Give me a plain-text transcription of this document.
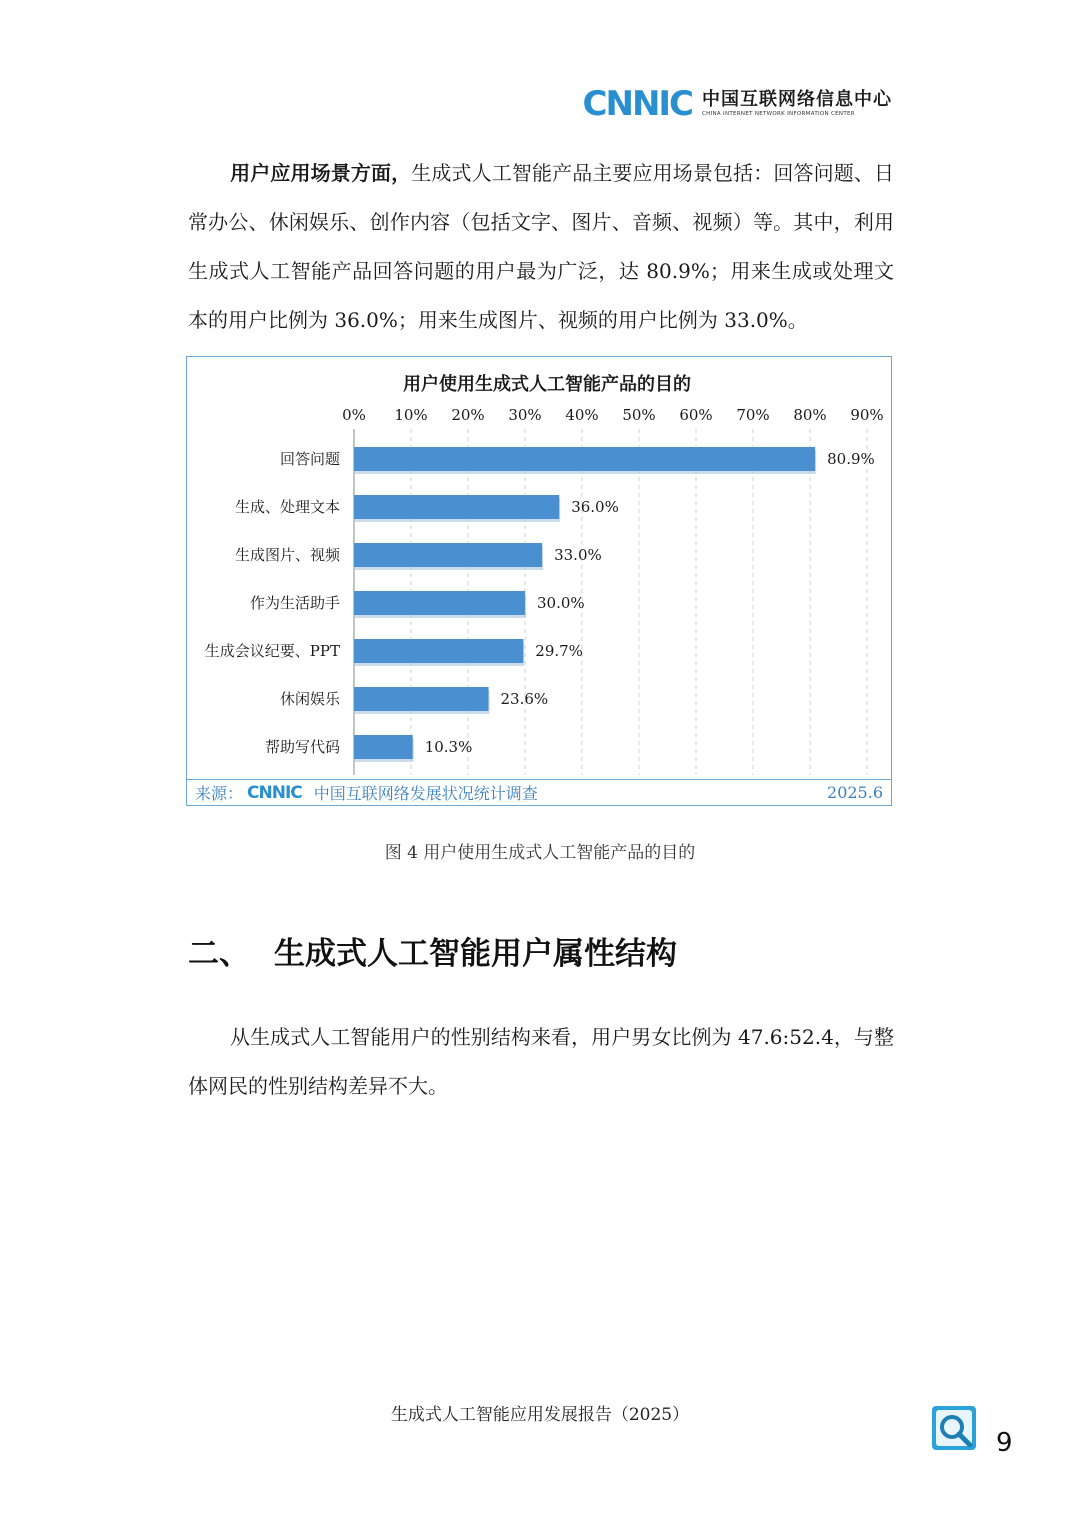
CNNIC 中国互联网络信息中心
CHINA INTERNET NETWORK INFORMATION CENTER
用户应用场景方面，生成式人工智能产品主要应用场景包括：回答问题、日常办公、休闲娱乐、创作内容（包括文字、图片、音频、视频）等。其中，利用生成式人工智能产品回答问题的用户最为广泛，达 80.9%；用来生成或处理文本的用户比例为 36.0%；用来生成图片、视频的用户比例为 33.0%。
用户使用生成式人工智能产品的目的
0% 10% 20% 30% 40% 50% 60% 70% 80% 90%
回答问题	80.9%
生成、处理文本	36.0%
生成图片、视频	33.0%
作为生活助手	30.0%
生成会议纪要、PPT	29.7%
休闲娱乐	23.6%
帮助写代码	10.3%
来源： CNNIC 中国互联网络发展状况统计调查	2025.6
图 4 用户使用生成式人工智能产品的目的
二、 生成式人工智能用户属性结构
从生成式人工智能用户的性别结构来看，用户男女比例为 47.6:52.4，与整体网民的性别结构差异不大。
生成式人工智能应用发展报告（2025）
9
